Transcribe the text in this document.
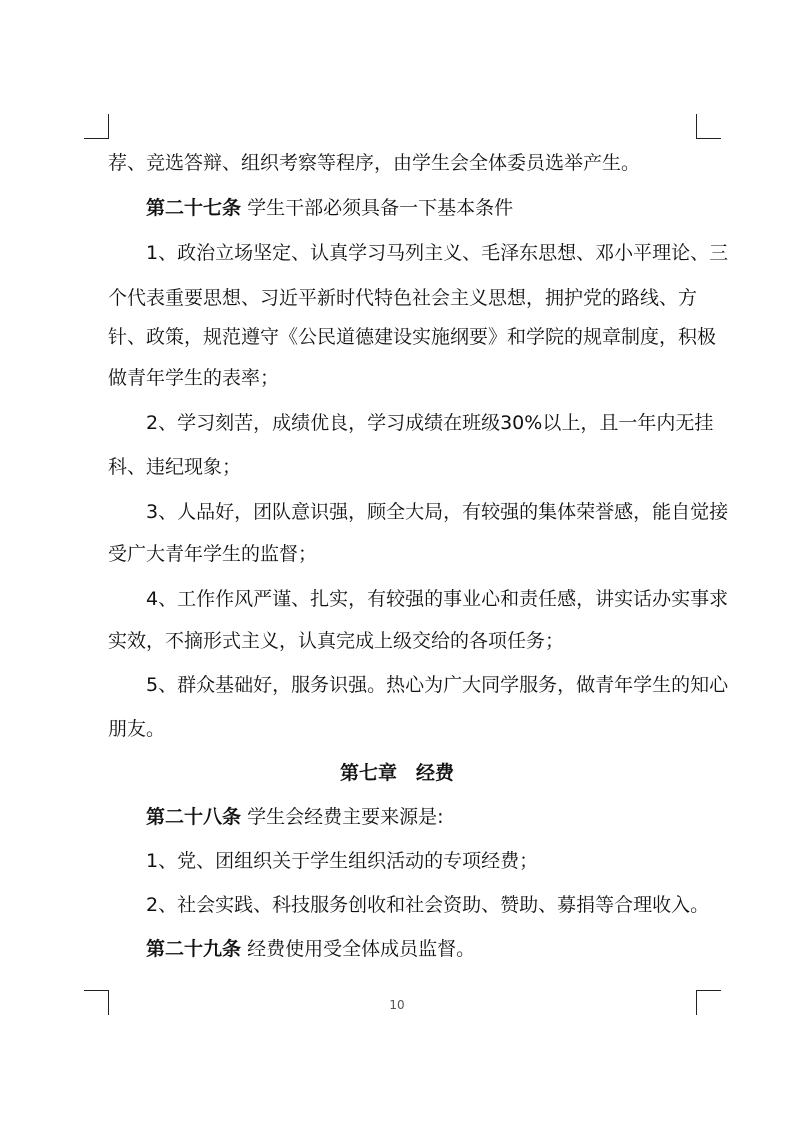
荐、竞选答辩、组织考察等程序，由学生会全体委员选举产生。
第二十七条 学生干部必须具备一下基本条件
1、政治立场坚定、认真学习马列主义、毛泽东思想、邓小平理论、三
个代表重要思想、习近平新时代特色社会主义思想，拥护党的路线、方
针、政策，规范遵守《公民道德建设实施纲要》和学院的规章制度，积极
做青年学生的表率；
2、学习刻苦，成绩优良，学习成绩在班级30%以上，且一年内无挂
科、违纪现象；
3、人品好，团队意识强，顾全大局，有较强的集体荣誉感，能自觉接
受广大青年学生的监督；
4、工作作风严谨、扎实，有较强的事业心和责任感，讲实话办实事求
实效，不摘形式主义，认真完成上级交给的各项任务；
5、群众基础好，服务识强。热心为广大同学服务，做青年学生的知心
朋友。
第七章　经费
第二十八条 学生会经费主要来源是:
1、党、团组织关于学生组织活动的专项经费；
2、社会实践、科技服务创收和社会资助、赞助、募捐等合理收入。
第二十九条 经费使用受全体成员监督。
10
